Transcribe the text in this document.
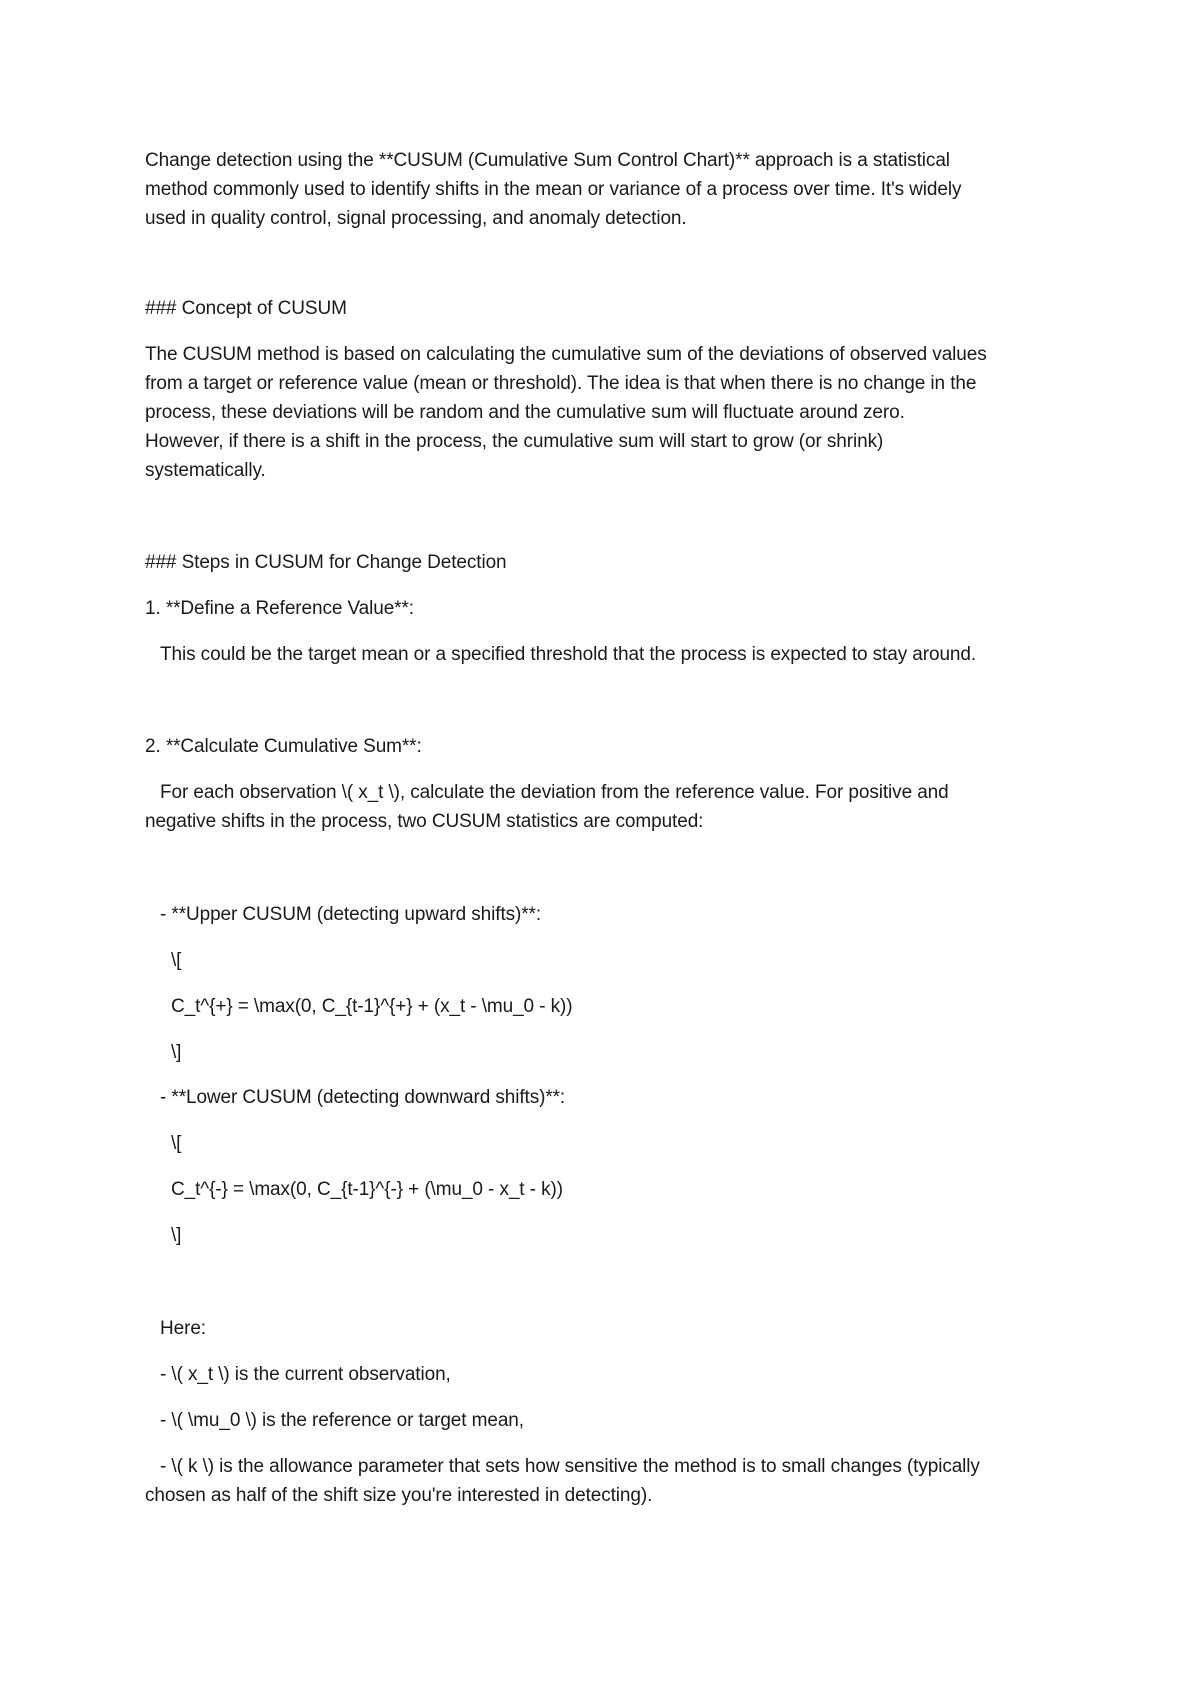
Change detection using the **CUSUM (Cumulative Sum Control Chart)** approach is a statistical
method commonly used to identify shifts in the mean or variance of a process over time. It's widely
used in quality control, signal processing, and anomaly detection.
### Concept of CUSUM
The CUSUM method is based on calculating the cumulative sum of the deviations of observed values
from a target or reference value (mean or threshold). The idea is that when there is no change in the
process, these deviations will be random and the cumulative sum will fluctuate around zero.
However, if there is a shift in the process, the cumulative sum will start to grow (or shrink)
systematically.
### Steps in CUSUM for Change Detection
1. **Define a Reference Value**:
This could be the target mean or a specified threshold that the process is expected to stay around.
2. **Calculate Cumulative Sum**:
For each observation \( x_t \), calculate the deviation from the reference value. For positive and
negative shifts in the process, two CUSUM statistics are computed:
- **Upper CUSUM (detecting upward shifts)**:
\[
C_t^{+} = \max(0, C_{t-1}^{+} + (x_t - \mu_0 - k))
\]
- **Lower CUSUM (detecting downward shifts)**:
\[
C_t^{-} = \max(0, C_{t-1}^{-} + (\mu_0 - x_t - k))
\]
Here:
- \( x_t \) is the current observation,
- \( \mu_0 \) is the reference or target mean,
- \( k \) is the allowance parameter that sets how sensitive the method is to small changes (typically
chosen as half of the shift size you're interested in detecting).
